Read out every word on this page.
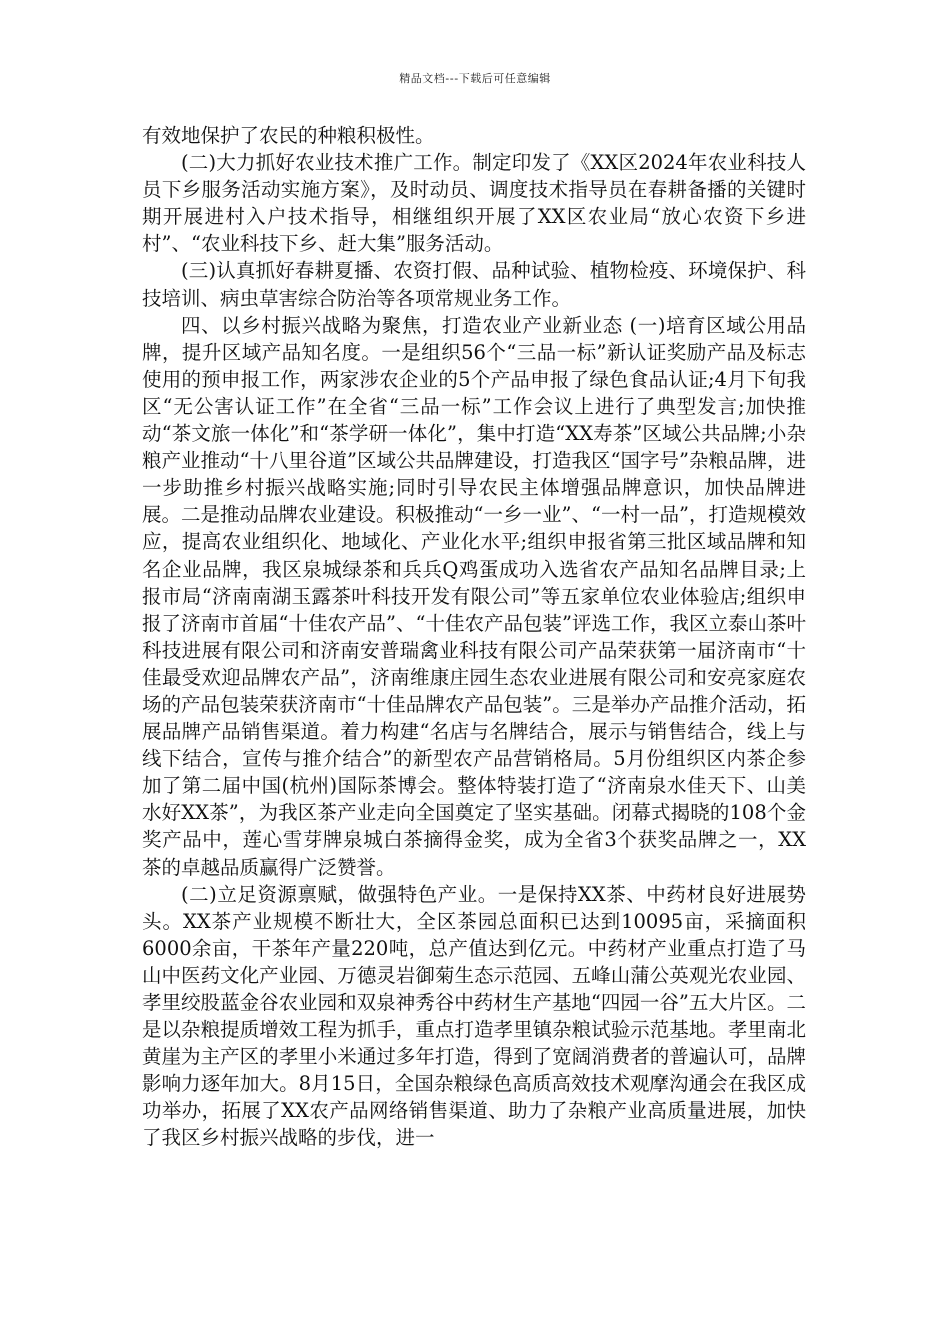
精品文档---下载后可任意编辑

有效地保护了农民的种粮积极性。

(二)大力抓好农业技术推广工作。制定印发了《XX区2024年农业科技人员下乡服务活动实施方案》，及时动员、调度技术指导员在春耕备播的关键时期开展进村入户技术指导，相继组织开展了XX区农业局“放心农资下乡进村”、“农业科技下乡、赶大集”服务活动。

(三)认真抓好春耕夏播、农资打假、品种试验、植物检疫、环境保护、科技培训、病虫草害综合防治等各项常规业务工作。

四、以乡村振兴战略为聚焦，打造农业产业新业态 (一)培育区域公用品牌，提升区域产品知名度。一是组织56个“三品一标”新认证奖励产品及标志使用的预申报工作，两家涉农企业的5个产品申报了绿色食品认证;4月下旬我区“无公害认证工作”在全省“三品一标”工作会议上进行了典型发言;加快推动“茶文旅一体化”和“茶学研一体化”，集中打造“XX寿茶”区域公共品牌;小杂粮产业推动“十八里谷道”区域公共品牌建设，打造我区“国字号”杂粮品牌，进一步助推乡村振兴战略实施;同时引导农民主体增强品牌意识，加快品牌进展。二是推动品牌农业建设。积极推动“一乡一业”、“一村一品”，打造规模效应，提高农业组织化、地域化、产业化水平;组织申报省第三批区域品牌和知名企业品牌，我区泉城绿茶和兵兵Q鸡蛋成功入选省农产品知名品牌目录;上报市局“济南南湖玉露茶叶科技开发有限公司”等五家单位农业体验店;组织申报了济南市首届“十佳农产品”、“十佳农产品包装”评选工作，我区立泰山茶叶科技进展有限公司和济南安普瑞禽业科技有限公司产品荣获第一届济南市“十佳最受欢迎品牌农产品”，济南维康庄园生态农业进展有限公司和安亮家庭农场的产品包装荣获济南市“十佳品牌农产品包装”。三是举办产品推介活动，拓展品牌产品销售渠道。着力构建“名店与名牌结合，展示与销售结合，线上与线下结合，宣传与推介结合”的新型农产品营销格局。5月份组织区内茶企参加了第二届中国(杭州)国际茶博会。整体特装打造了“济南泉水佳天下、山美水好XX茶”，为我区茶产业走向全国奠定了坚实基础。闭幕式揭晓的108个金奖产品中，莲心雪芽牌泉城白茶摘得金奖，成为全省3个获奖品牌之一，XX茶的卓越品质赢得广泛赞誉。

(二)立足资源禀赋，做强特色产业。一是保持XX茶、中药材良好进展势头。XX茶产业规模不断壮大，全区茶园总面积已达到10095亩，采摘面积6000余亩，干茶年产量220吨，总产值达到亿元。中药材产业重点打造了马山中医药文化产业园、万德灵岩御菊生态示范园、五峰山蒲公英观光农业园、孝里绞股蓝金谷农业园和双泉神秀谷中药材生产基地“四园一谷”五大片区。二是以杂粮提质增效工程为抓手，重点打造孝里镇杂粮试验示范基地。孝里南北黄崖为主产区的孝里小米通过多年打造，得到了宽阔消费者的普遍认可，品牌影响力逐年加大。8月15日，全国杂粮绿色高质高效技术观摩沟通会在我区成功举办，拓展了XX农产品网络销售渠道、助力了杂粮产业高质量进展，加快了我区乡村振兴战略的步伐，进一
